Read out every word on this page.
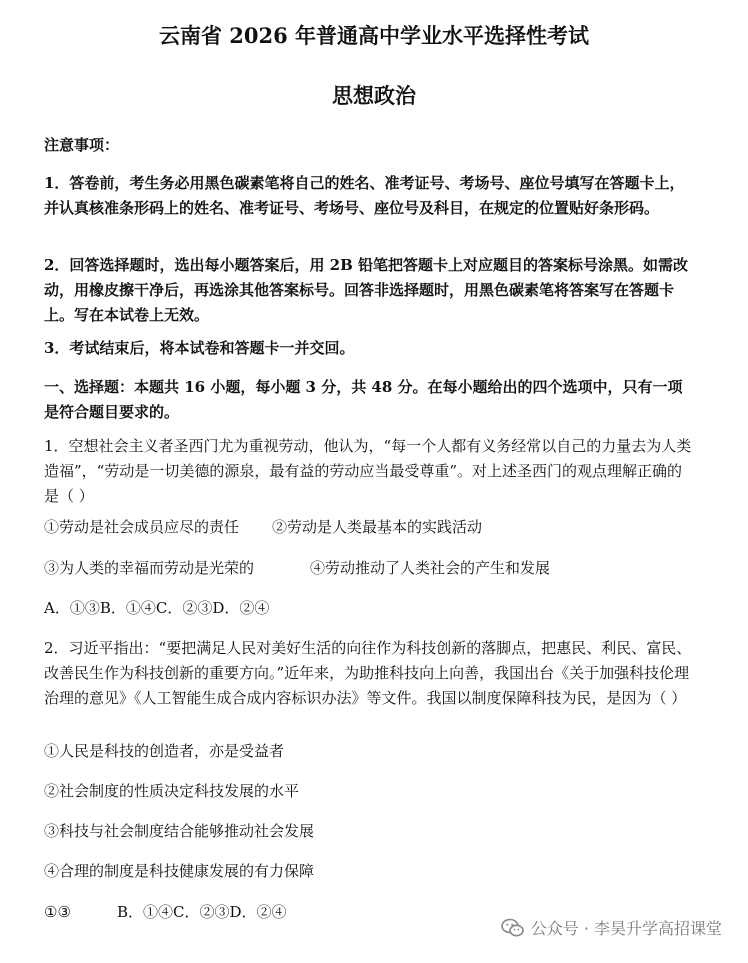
云南省 2026 年普通高中学业水平选择性考试
思想政治
注意事项：
1．答卷前，考生务必用黑色碳素笔将自己的姓名、准考证号、考场号、座位号填写在答题卡上，并认真核准条形码上的姓名、准考证号、考场号、座位号及科目，在规定的位置贴好条形码。
2．回答选择题时，选出每小题答案后，用 2B 铅笔把答题卡上对应题目的答案标号涂黑。如需改动，用橡皮擦干净后，再选涂其他答案标号。回答非选择题时，用黑色碳素笔将答案写在答题卡上。写在本试卷上无效。
3．考试结束后，将本试卷和答题卡一并交回。
一、选择题：本题共 16 小题，每小题 3 分，共 48 分。在每小题给出的四个选项中，只有一项是符合题目要求的。
1．空想社会主义者圣西门尤为重视劳动，他认为，“每一个人都有义务经常以自己的力量去为人类造福”，“劳动是一切美德的源泉，最有益的劳动应当最受尊重”。对上述圣西门的观点理解正确的是（ ）
①劳动是社会成员应尽的责任 ②劳动是人类最基本的实践活动
③为人类的幸福而劳动是光荣的	④劳动推动了人类社会的产生和发展
A．①③B．①④C．②③D．②④
2．习近平指出：“要把满足人民对美好生活的向往作为科技创新的落脚点，把惠民、利民、富民、改善民生作为科技创新的重要方向。”近年来，为助推科技向上向善，我国出台《关于加强科技伦理治理的意见》《人工智能生成合成内容标识办法》等文件。我国以制度保障科技为民，是因为（ ）
①人民是科技的创造者，亦是受益者
②社会制度的性质决定科技发展的水平
③科技与社会制度结合能够推动社会发展
④合理的制度是科技健康发展的有力保障
①③	B．①④C．②③D．②④
公众号 · 李昊升学高招课堂
